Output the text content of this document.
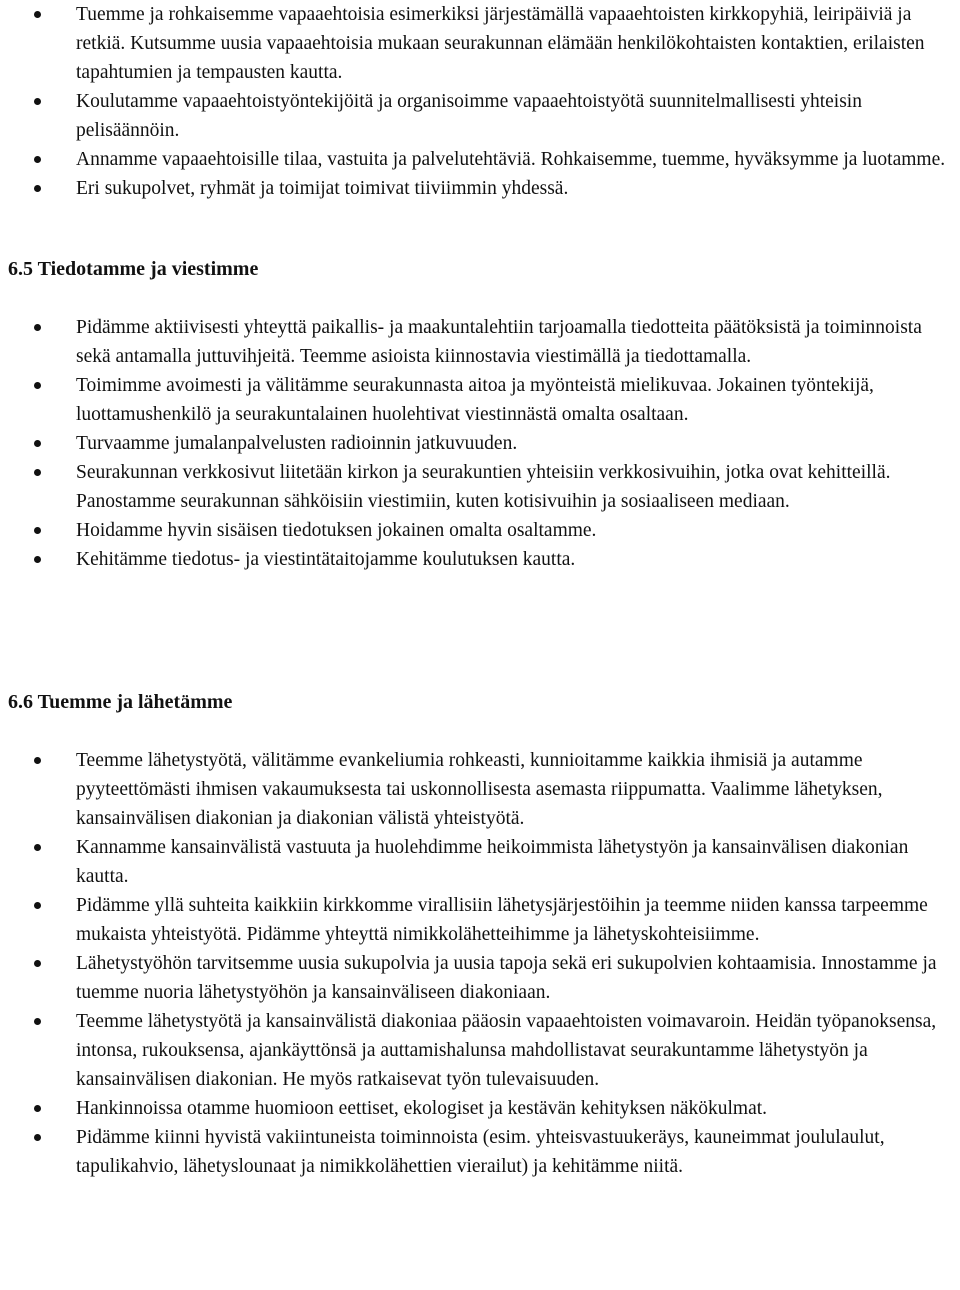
Tuemme ja rohkaisemme vapaaehtoisia esimerkiksi järjestämällä vapaaehtoisten kirkkopyhiä, leiripäiviä ja retkiä. Kutsumme uusia vapaaehtoisia mukaan seurakunnan elämään henkilökohtaisten kontaktien, erilaisten tapahtumien ja tempausten kautta.
Koulutamme vapaaehtoistyöntekijöitä ja organisoimme vapaaehtoistyötä suunnitelmallisesti yhteisin pelisäännöin.
Annamme vapaaehtoisille tilaa, vastuita ja palvelutehtäviä. Rohkaisemme, tuemme, hyväksymme ja luotamme.
Eri sukupolvet, ryhmät ja toimijat toimivat tiiviimmin yhdessä.
6.5 Tiedotamme ja viestimme
Pidämme aktiivisesti yhteyttä paikallis- ja maakuntalehtiin tarjoamalla tiedotteita päätöksistä ja toiminnoista sekä antamalla juttuvihjeitä. Teemme asioista kiinnostavia viestimällä ja tiedottamalla.
Toimimme avoimesti ja välitämme seurakunnasta aitoa ja myönteistä mielikuvaa. Jokainen työntekijä, luottamushenkilö ja seurakuntalainen huolehtivat viestinnästä omalta osaltaan.
Turvaamme jumalanpalvelusten radioinnin jatkuvuuden.
Seurakunnan verkkosivut liitetään kirkon ja seurakuntien yhteisiin verkkosivuihin, jotka ovat kehitteillä. Panostamme seurakunnan sähköisiin viestimiin, kuten kotisivuihin ja sosiaaliseen mediaan.
Hoidamme hyvin sisäisen tiedotuksen jokainen omalta osaltamme.
Kehitämme tiedotus- ja viestintätaitojamme koulutuksen kautta.
6.6 Tuemme ja lähetämme
Teemme lähetystyötä, välitämme evankeliumia rohkeasti, kunnioitamme kaikkia ihmisiä ja autamme pyyteettömästi ihmisen vakaumuksesta tai uskonnollisesta asemasta riippumatta. Vaalimme lähetyksen, kansainvälisen diakonian ja diakonian välistä yhteistyötä.
Kannamme kansainvälistä vastuuta ja huolehdimme heikoimmista lähetystyön ja kansainvälisen diakonian kautta.
Pidämme yllä suhteita kaikkiin kirkkomme virallisiin lähetysjärjestöihin ja teemme niiden kanssa tarpeemme mukaista yhteistyötä. Pidämme yhteyttä nimikkolähetteihimme ja lähetyskohteisiimme.
Lähetystyöhön tarvitsemme uusia sukupolvia ja uusia tapoja sekä eri sukupolvien kohtaamisia. Innostamme ja tuemme nuoria lähetystyöhön ja kansainväliseen diakoniaan.
Teemme lähetystyötä ja kansainvälistä diakoniaa pääosin vapaaehtoisten voimavaroin. Heidän työpanoksensa, intonsa, rukouksensa, ajankäyttönsä ja auttamishalunsa mahdollistavat seurakuntamme lähetystyön ja kansainvälisen diakonian. He myös ratkaisevat työn tulevaisuuden.
Hankinnoissa otamme huomioon eettiset, ekologiset ja kestävän kehityksen näkökulmat.
Pidämme kiinni hyvistä vakiintuneista toiminnoista (esim. yhteisvastuukeräys, kauneimmat joululaulut, tapulikahvio, lähetyslounaat ja nimikkolähettien vierailut) ja kehitämme niitä.
